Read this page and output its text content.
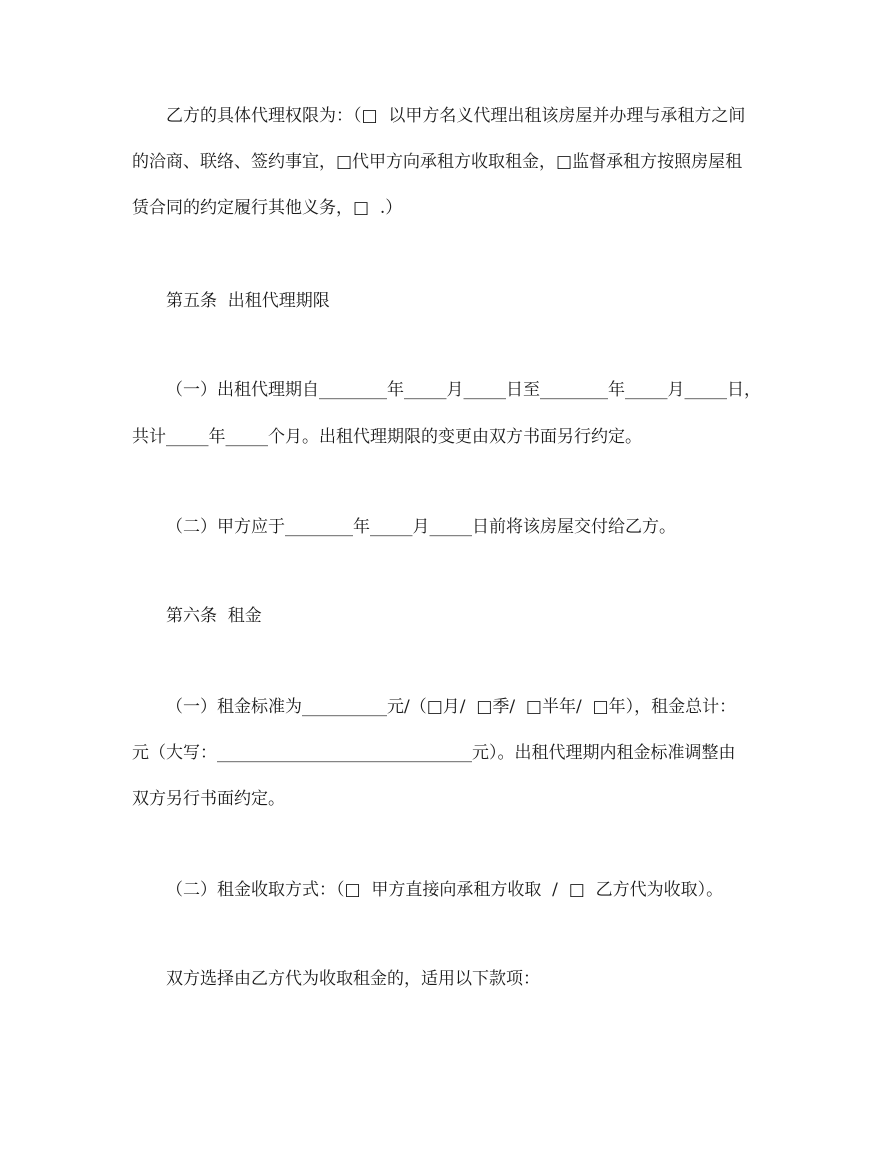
乙方的具体代理权限为：（□  以甲方名义代理出租该房屋并办理与承租方之间
的洽商、联络、签约事宜，□代甲方向承租方收取租金，□监督承租方按照房屋租
赁合同的约定履行其他义务，□  .）
第五条  出租代理期限
（一）出租代理期自________年_____月_____日至________年_____月_____日，
共计_____年_____个月。出租代理期限的变更由双方书面另行约定。
（二）甲方应于________年_____月_____日前将该房屋交付给乙方。
第六条  租金
（一）租金标准为__________元/（□月/  □季/  □半年/  □年），租金总计：
元（大写：______________________________元）。出租代理期内租金标准调整由
双方另行书面约定。
（二）租金收取方式：（□  甲方直接向承租方收取  /  □  乙方代为收取）。
双方选择由乙方代为收取租金的，适用以下款项：
